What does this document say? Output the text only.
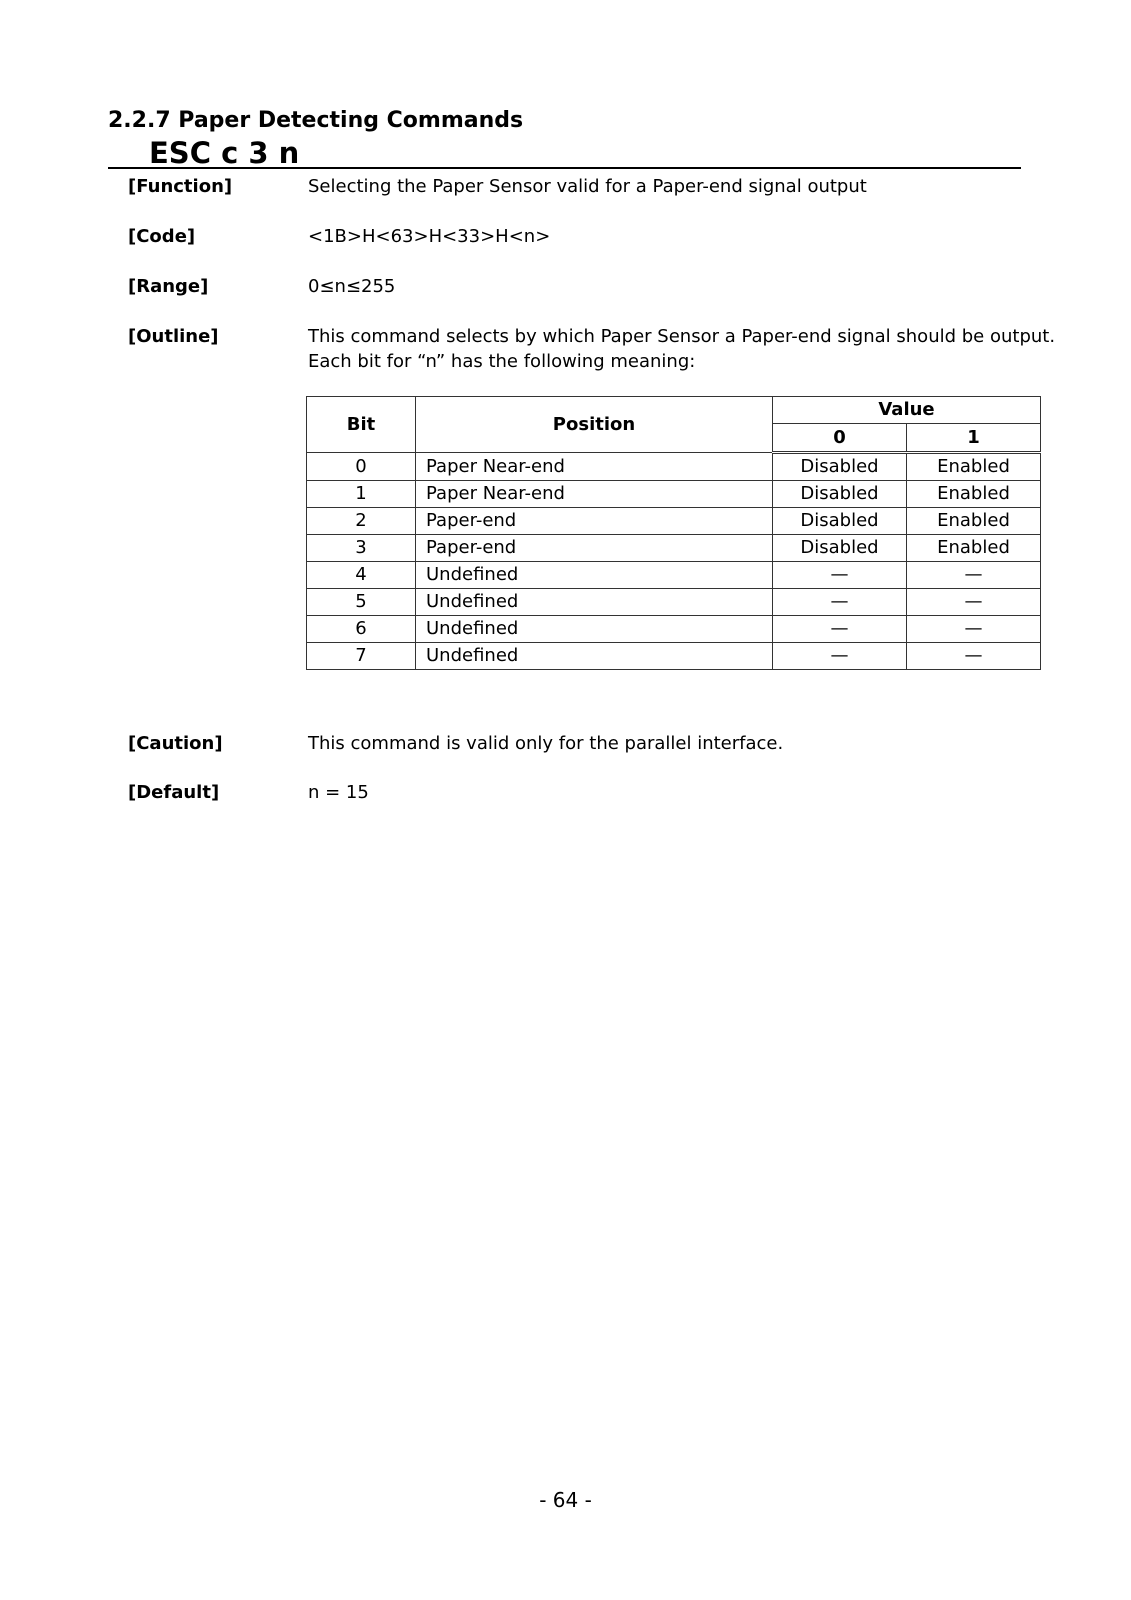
2.2.7 Paper Detecting Commands
ESC c 3 n
[Function]	Selecting the Paper Sensor valid for a Paper-end signal output
[Code]	<1B>H<63>H<33>H<n>
[Range]	0≤n≤255
[Outline]	This command selects by which Paper Sensor a Paper-end signal should be output.
Each bit for “n” has the following meaning:
Bit	Position	Value	
		0	1
0	Paper Near-end	Disabled	Enabled
1	Paper Near-end	Disabled	Enabled
2	Paper-end	Disabled	Enabled
3	Paper-end	Disabled	Enabled
4	Undefined	—	—
5	Undefined	—	—
6	Undefined	—	—
7	Undefined	—	—
[Caution]	This command is valid only for the parallel interface.
[Default]	n = 15
- 64 -
